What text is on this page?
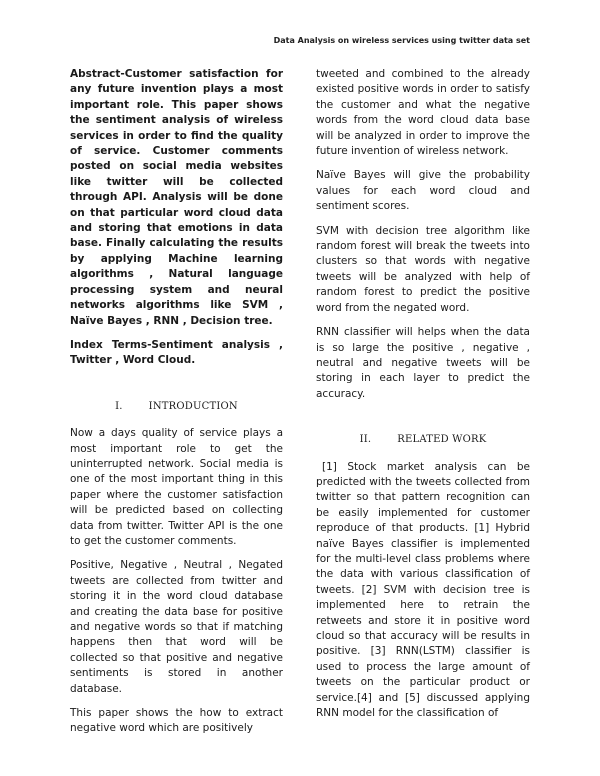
Data Analysis on wireless services using twitter data set

Abstract-Customer satisfaction for any future invention plays a most important role. This paper shows the sentiment analysis of wireless services in order to find the quality of service. Customer comments posted on social media websites like twitter will be collected through API. Analysis will be done on that particular word cloud data and storing that emotions in data base. Finally calculating the results by applying Machine learning algorithms , Natural language processing system and neural networks algorithms like SVM , Naïve Bayes , RNN , Decision tree.

Index Terms-Sentiment analysis , Twitter , Word Cloud.

I.	INTRODUCTION

Now a days quality of service plays a most important role to get the uninterrupted network. Social media is one of the most important thing in this paper where the customer satisfaction will be predicted based on collecting data from twitter. Twitter API is the one to get the customer comments.

Positive, Negative , Neutral , Negated tweets are collected from twitter and storing it in the word cloud database and creating the data base for positive and negative words so that if matching happens then that word will be collected so that positive and negative sentiments is stored in another database.

This paper shows the how to extract negative word which are positively

tweeted and combined to the already existed positive words in order to satisfy the customer and what the negative words from the word cloud data base will be analyzed in order to improve the future invention of wireless network.

Naïve Bayes will give the probability values for each word cloud and sentiment scores.

SVM with decision tree algorithm like random forest will break the tweets into clusters so that words with negative tweets will be analyzed with help of random forest to predict the positive word from the negated word.

RNN classifier will helps when the data is so large the positive , negative , neutral and negative tweets will be storing in each layer to predict the accuracy.

II.	RELATED WORK

[1] Stock market analysis can be predicted with the tweets collected from twitter so that pattern recognition can be easily implemented for customer reproduce of that products. [1] Hybrid naïve Bayes classifier is implemented for the multi-level class problems where the data with various classification of tweets. [2] SVM with decision tree is implemented here to retrain the retweets and store it in positive word cloud so that accuracy will be results in positive. [3] RNN(LSTM) classifier is used to process the large amount of tweets on the particular product or service.[4] and [5] discussed applying RNN model for the classification of
